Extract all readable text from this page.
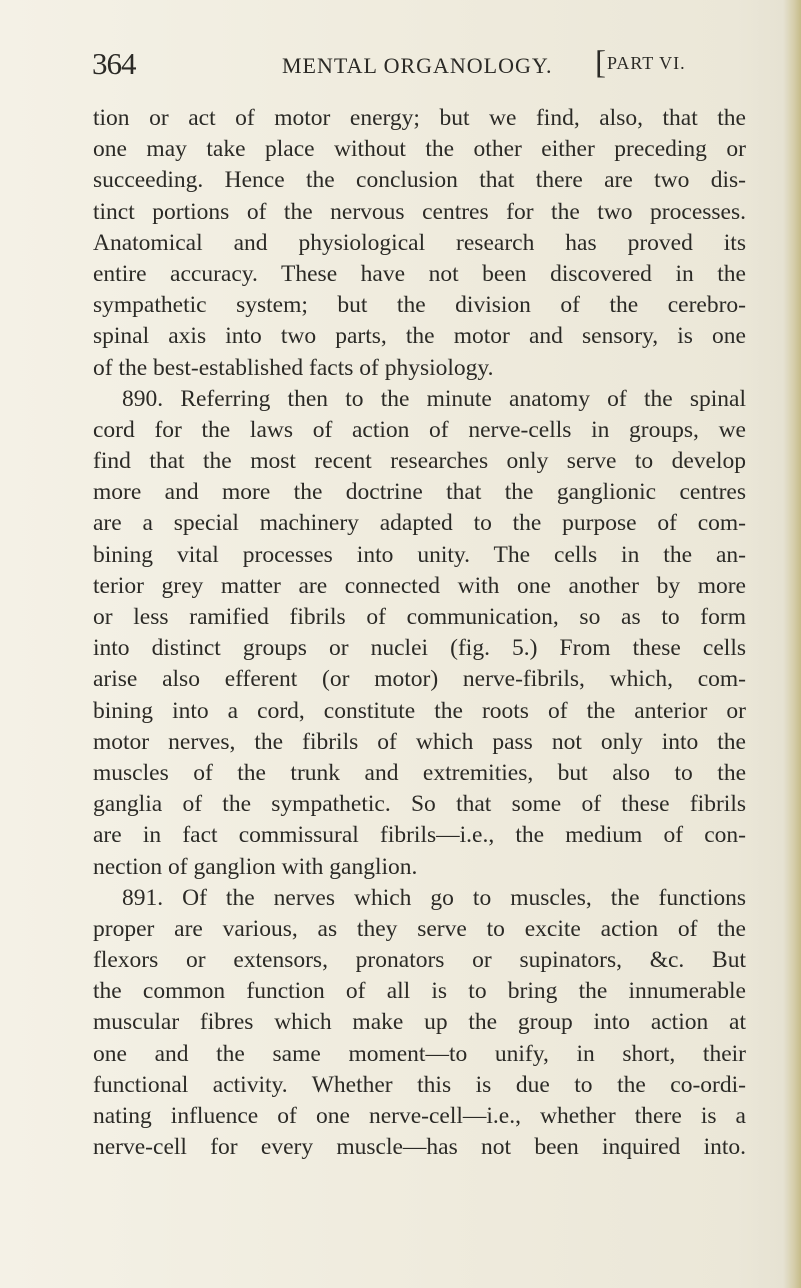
364	MENTAL ORGANOLOGY. [PART VI.
tion or act of motor energy; but we find, also, that the
one may take place without the other either preceding or
succeeding. Hence the conclusion that there are two dis-
tinct portions of the nervous centres for the two processes.
Anatomical and physiological research has proved its
entire accuracy. These have not been discovered in the
sympathetic system; but the division of the cerebro-
spinal axis into two parts, the motor and sensory, is one
of the best-established facts of physiology.
890. Referring then to the minute anatomy of the spinal
cord for the laws of action of nerve-cells in groups, we
find that the most recent researches only serve to develop
more and more the doctrine that the ganglionic centres
are a special machinery adapted to the purpose of com-
bining vital processes into unity. The cells in the an-
terior grey matter are connected with one another by more
or less ramified fibrils of communication, so as to form
into distinct groups or nuclei (fig. 5.) From these cells
arise also efferent (or motor) nerve-fibrils, which, com-
bining into a cord, constitute the roots of the anterior or
motor nerves, the fibrils of which pass not only into the
muscles of the trunk and extremities, but also to the
ganglia of the sympathetic. So that some of these fibrils
are in fact commissural fibrils—i.e., the medium of con-
nection of ganglion with ganglion.
891. Of the nerves which go to muscles, the functions
proper are various, as they serve to excite action of the
flexors or extensors, pronators or supinators, &c. But
the common function of all is to bring the innumerable
muscular fibres which make up the group into action at
one and the same moment—to unify, in short, their
functional activity. Whether this is due to the co-ordi-
nating influence of one nerve-cell—i.e., whether there is a
nerve-cell for every muscle—has not been inquired into.
